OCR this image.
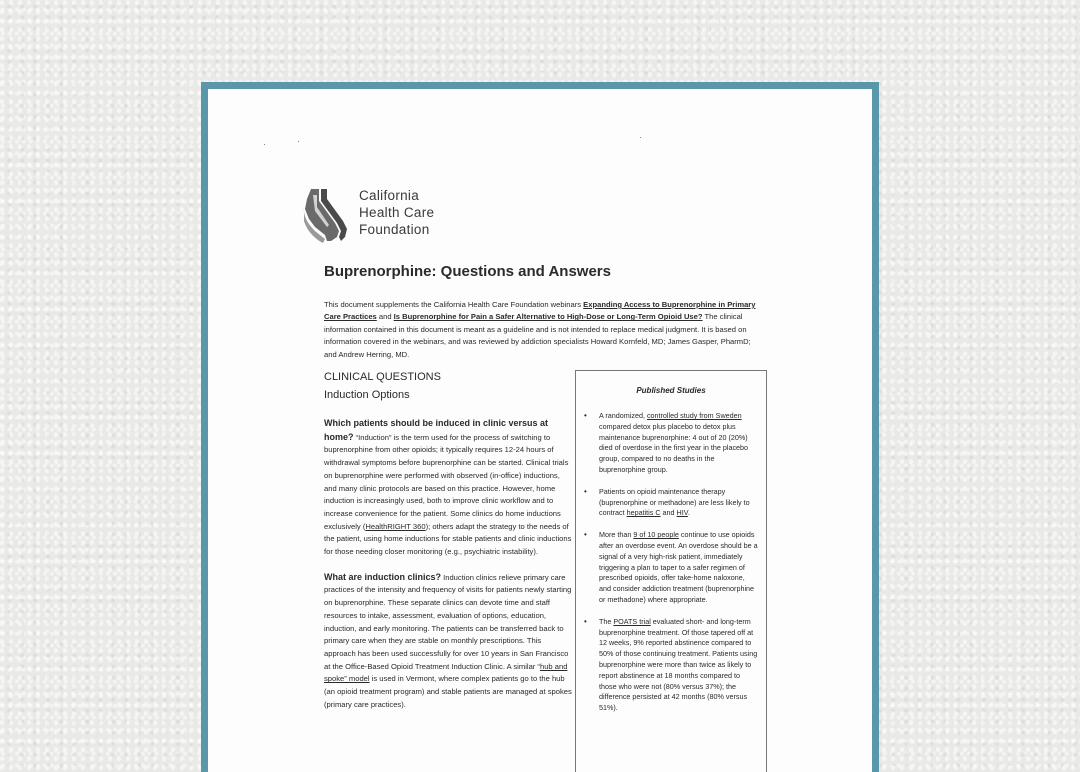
California
Health Care
Foundation
Buprenorphine: Questions and Answers
This document supplements the California Health Care Foundation webinars Expanding Access to Buprenorphine in Primary Care Practices and Is Buprenorphine for Pain a Safer Alternative to High-Dose or Long-Term Opioid Use? The clinical information contained in this document is meant as a guideline and is not intended to replace medical judgment. It is based on information covered in the webinars, and was reviewed by addiction specialists Howard Kornfeld, MD; James Gasper, PharmD; and Andrew Herring, MD.
CLINICAL QUESTIONS
Induction Options

Which patients should be induced in clinic versus at home? “Induction” is the term used for the process of switching to buprenorphine from other opioids; it typically requires 12-24 hours of withdrawal symptoms before buprenorphine can be started. Clinical trials on buprenorphine were performed with observed (in-office) inductions, and many clinic protocols are based on this practice. However, home induction is increasingly used, both to improve clinic workflow and to increase convenience for the patient. Some clinics do home inductions exclusively (HealthRIGHT 360); others adapt the strategy to the needs of the patient, using home inductions for stable patients and clinic inductions for those needing closer monitoring (e.g., psychiatric instability).

What are induction clinics? Induction clinics relieve primary care practices of the intensity and frequency of visits for patients newly starting on buprenorphine. These separate clinics can devote time and staff resources to intake, assessment, evaluation of options, education, induction, and early monitoring. The patients can be transferred back to primary care when they are stable on monthly prescriptions. This approach has been used successfully for over 10 years in San Francisco at the Office-Based Opioid Treatment Induction Clinic. A similar “hub and spoke” model is used in Vermont, where complex patients go to the hub (an opioid treatment program) and stable patients are managed at spokes (primary care practices).

Published Studies
• A randomized, controlled study from Sweden compared detox plus placebo to detox plus maintenance buprenorphine: 4 out of 20 (20%) died of overdose in the first year in the placebo group, compared to no deaths in the buprenorphine group.
• Patients on opioid maintenance therapy (buprenorphine or methadone) are less likely to contract hepatitis C and HIV.
• More than 9 of 10 people continue to use opioids after an overdose event. An overdose should be a signal of a very high-risk patient, immediately triggering a plan to taper to a safer regimen of prescribed opioids, offer take-home naloxone, and consider addiction treatment (buprenorphine or methadone) where appropriate.
• The POATS trial evaluated short- and long-term buprenorphine treatment. Of those tapered off at 12 weeks, 9% reported abstinence compared to 50% of those continuing treatment. Patients using buprenorphine were more than twice as likely to report abstinence at 18 months compared to those who were not (80% versus 37%); the difference persisted at 42 months (80% versus 51%).
